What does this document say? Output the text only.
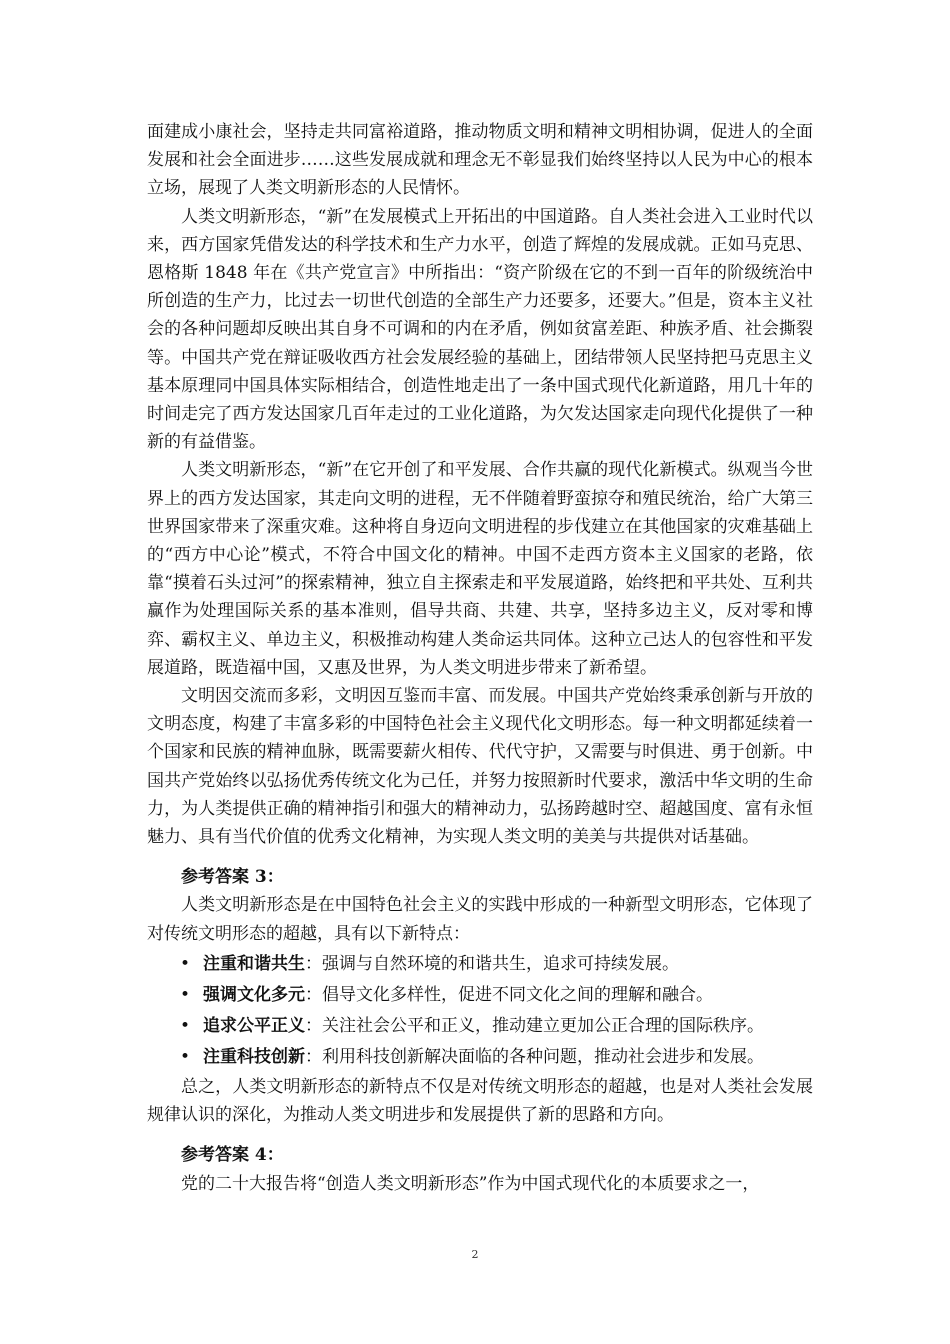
面建成小康社会，坚持走共同富裕道路，推动物质文明和精神文明相协调，促进人的全面发展和社会全面进步……这些发展成就和理念无不彰显我们始终坚持以人民为中心的根本立场，展现了人类文明新形态的人民情怀。

人类文明新形态，“新”在发展模式上开拓出的中国道路。自人类社会进入工业时代以来，西方国家凭借发达的科学技术和生产力水平，创造了辉煌的发展成就。正如马克思、恩格斯 1848 年在《共产党宣言》中所指出：“资产阶级在它的不到一百年的阶级统治中所创造的生产力，比过去一切世代创造的全部生产力还要多，还要大。”但是，资本主义社会的各种问题却反映出其自身不可调和的内在矛盾，例如贫富差距、种族矛盾、社会撕裂等。中国共产党在辩证吸收西方社会发展经验的基础上，团结带领人民坚持把马克思主义基本原理同中国具体实际相结合，创造性地走出了一条中国式现代化新道路，用几十年的时间走完了西方发达国家几百年走过的工业化道路，为欠发达国家走向现代化提供了一种新的有益借鉴。

人类文明新形态，“新”在它开创了和平发展、合作共赢的现代化新模式。纵观当今世界上的西方发达国家，其走向文明的进程，无不伴随着野蛮掠夺和殖民统治，给广大第三世界国家带来了深重灾难。这种将自身迈向文明进程的步伐建立在其他国家的灾难基础上的“西方中心论”模式，不符合中国文化的精神。中国不走西方资本主义国家的老路，依靠“摸着石头过河”的探索精神，独立自主探索走和平发展道路，始终把和平共处、互利共赢作为处理国际关系的基本准则，倡导共商、共建、共享，坚持多边主义，反对零和博弈、霸权主义、单边主义，积极推动构建人类命运共同体。这种立己达人的包容性和平发展道路，既造福中国，又惠及世界，为人类文明进步带来了新希望。

文明因交流而多彩，文明因互鉴而丰富、而发展。中国共产党始终秉承创新与开放的文明态度，构建了丰富多彩的中国特色社会主义现代化文明形态。每一种文明都延续着一个国家和民族的精神血脉，既需要薪火相传、代代守护，又需要与时俱进、勇于创新。中国共产党始终以弘扬优秀传统文化为己任，并努力按照新时代要求，激活中华文明的生命力，为人类提供正确的精神指引和强大的精神动力，弘扬跨越时空、超越国度、富有永恒魅力、具有当代价值的优秀文化精神，为实现人类文明的美美与共提供对话基础。

参考答案 3：

人类文明新形态是在中国特色社会主义的实践中形成的一种新型文明形态，它体现了对传统文明形态的超越，具有以下新特点：

• 注重和谐共生：强调与自然环境的和谐共生，追求可持续发展。
• 强调文化多元：倡导文化多样性，促进不同文化之间的理解和融合。
• 追求公平正义：关注社会公平和正义，推动建立更加公正合理的国际秩序。
• 注重科技创新：利用科技创新解决面临的各种问题，推动社会进步和发展。

总之，人类文明新形态的新特点不仅是对传统文明形态的超越，也是对人类社会发展规律认识的深化，为推动人类文明进步和发展提供了新的思路和方向。

参考答案 4：

党的二十大报告将“创造人类文明新形态”作为中国式现代化的本质要求之一，

2
